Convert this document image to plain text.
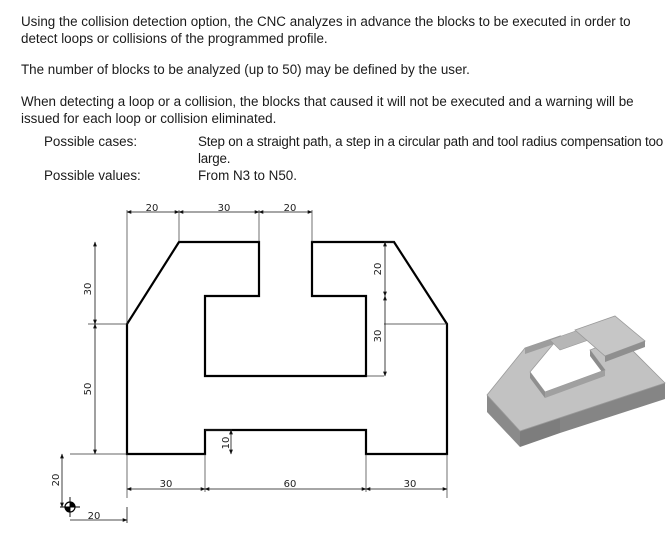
Using the collision detection option, the CNC analyzes in advance the blocks to be executed in order to detect loops or collisions of the programmed profile.

The number of blocks to be analyzed (up to 50) may be defined by the user.

When detecting a loop or a collision, the blocks that caused it will not be executed and a warning will be issued for each loop or collision eliminated.

Possible cases:	Step on a straight path, a step in a circular path and tool radius compensation too large.
Possible values:	From N3 to N50.
20	30	20
30
50
20
30
30	60	30
10
20
20
